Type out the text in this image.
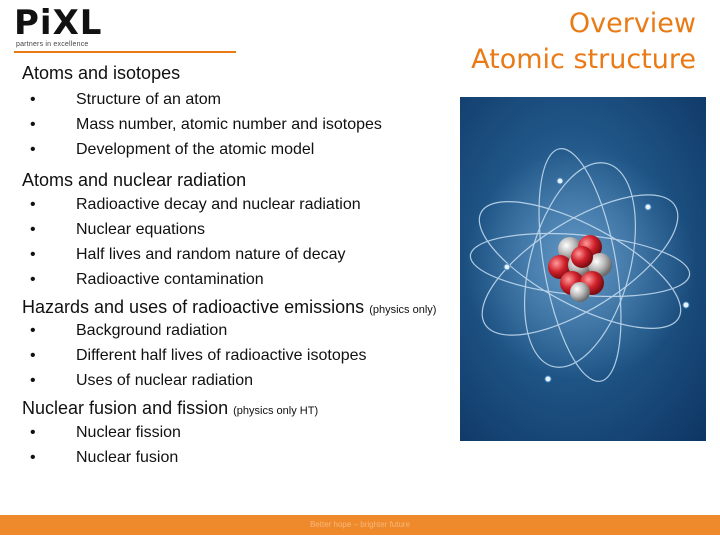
PiXL
partners in excellence
Overview
Atomic structure
Atoms and isotopes
•	Structure of an atom
•	Mass number, atomic number and isotopes
•	Development of the atomic model
Atoms and nuclear radiation
•	Radioactive decay and nuclear radiation
•	Nuclear equations
•	Half lives and random nature of decay
•	Radioactive contamination
Hazards and uses of radioactive emissions (physics only)
•	Background radiation
•	Different half lives of radioactive isotopes
•	Uses of nuclear radiation
Nuclear fusion and fission (physics only HT)
•	Nuclear fission
•	Nuclear fusion
Better hope – brighter future
